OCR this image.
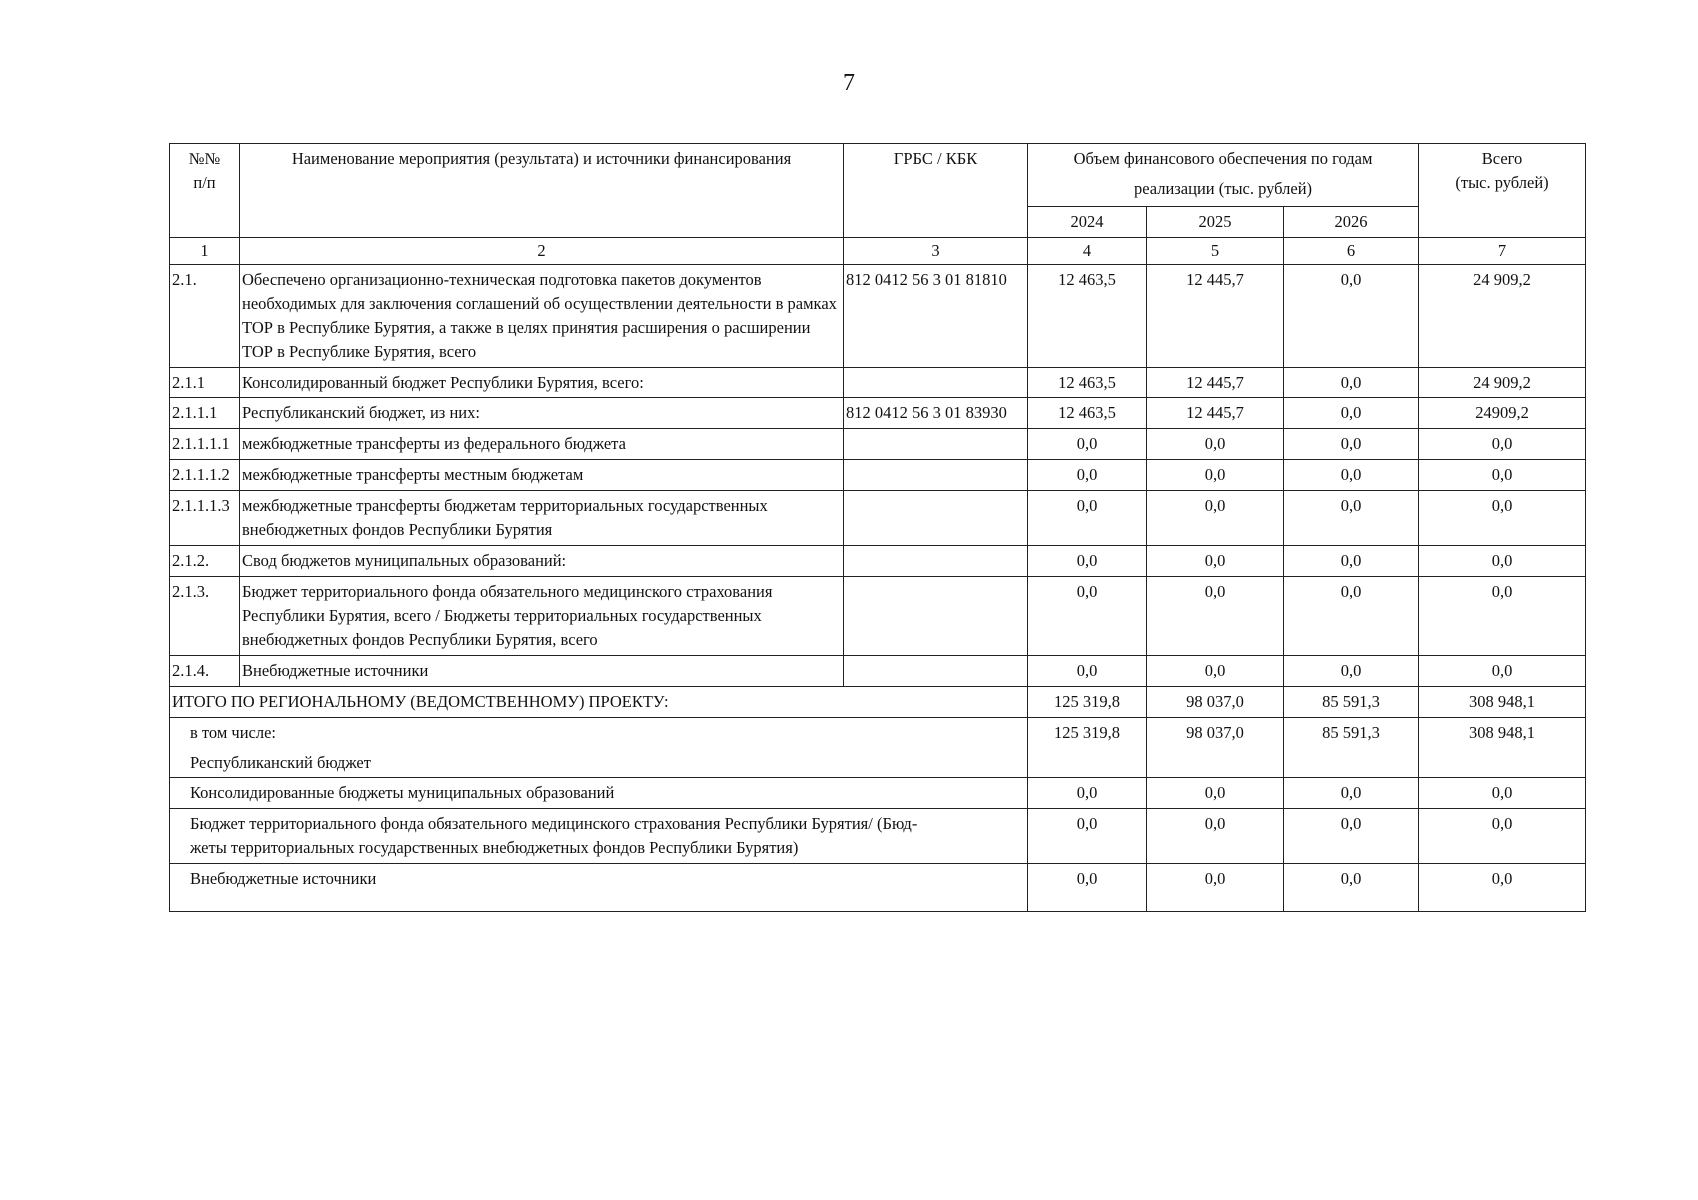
7
№№
п/п	Наименование мероприятия (результата) и источники финансирования	ГРБС / КБК	Объем финансового обеспечения по годам
реализации (тыс. рублей)			Всего
(тыс. рублей)

			2024	2025	2026	
1	2	3	4	5	6	7
2.1.	Обеспечено организационно-техническая подготовка пакетов документов необходимых для заключения соглашений об осуществлении деятельности в рамках ТОР в Республике Бурятия, а также в целях принятия расширения о расширении ТОР в Республике Бурятия, всего	812 0412 56 3 01 81810	12 463,5	12 445,7	0,0	24 909,2
2.1.1	Консолидированный бюджет Республики Бурятия, всего:		12 463,5	12 445,7	0,0	24 909,2
2.1.1.1	Республиканский бюджет, из них:	812 0412 56 3 01 83930	12 463,5	12 445,7	0,0	24909,2
2.1.1.1.1	межбюджетные трансферты из федерального бюджета		0,0	0,0	0,0	0,0
2.1.1.1.2	межбюджетные трансферты местным бюджетам		0,0	0,0	0,0	0,0
2.1.1.1.3	межбюджетные трансферты бюджетам территориальных государственных внебюджетных фондов Республики Бурятия		0,0	0,0	0,0	0,0
2.1.2.	Свод бюджетов муниципальных образований:		0,0	0,0	0,0	0,0
2.1.3.	Бюджет территориального фонда обязательного медицинского страхования Республики Бурятия, всего / Бюджеты территориальных государственных внебюджетных фондов Республики Бурятия, всего		0,0	0,0	0,0	0,0
2.1.4.	Внебюджетные источники		0,0	0,0	0,0	0,0
ИТОГО ПО РЕГИОНАЛЬНОМУ (ВЕДОМСТВЕННОМУ) ПРОЕКТУ:			125 319,8	98 037,0	85 591,3	308 948,1

в том числе:
Республиканский бюджет			125 319,8	98 037,0	85 591,3	308 948,1

Консолидированные бюджеты муниципальных образований			0,0	0,0	0,0	0,0

Бюджет территориального фонда обязательного медицинского страхования Республики Бурятия/ (Бюд-
жеты территориальных государственных внебюджетных фондов Республики Бурятия)			0,0	0,0	0,0	0,0

Внебюджетные источники			0,0	0,0	0,0	0,0
